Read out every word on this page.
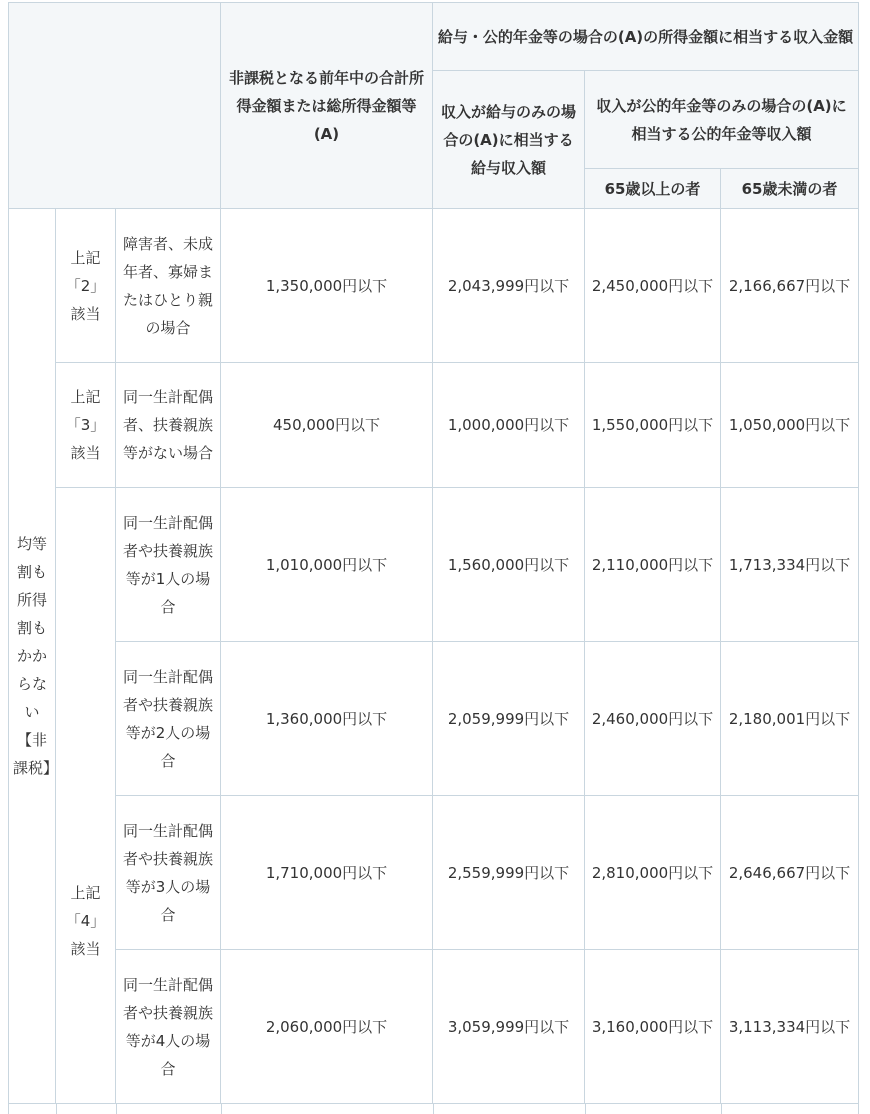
			非課税となる前年中の合計所得金額または総所得金額等(A)	給与・公的年金等の場合の(A)の所得金額に相当する収入金額		
				収入が給与のみの場合の(A)に相当する給与収入額	収入が公的年金等のみの場合の(A)に相当する公的年金等収入額	
					65歳以上の者	65歳未満の者
均等割も所得割もかからない【非課税】	上記「2」該当	障害者、未成年者、寡婦またはひとり親の場合	1,350,000円以下	2,043,999円以下	2,450,000円以下	2,166,667円以下
	上記「3」該当	同一生計配偶者、扶養親族等がない場合	450,000円以下	1,000,000円以下	1,550,000円以下	1,050,000円以下
	上記「4」該当	同一生計配偶者や扶養親族等が1人の場合	1,010,000円以下	1,560,000円以下	2,110,000円以下	1,713,334円以下
		同一生計配偶者や扶養親族等が2人の場合	1,360,000円以下	2,059,999円以下	2,460,000円以下	2,180,001円以下
		同一生計配偶者や扶養親族等が3人の場合	1,710,000円以下	2,559,999円以下	2,810,000円以下	2,646,667円以下
		同一生計配偶者や扶養親族等が4人の場合	2,060,000円以下	3,059,999円以下	3,160,000円以下	3,113,334円以下
